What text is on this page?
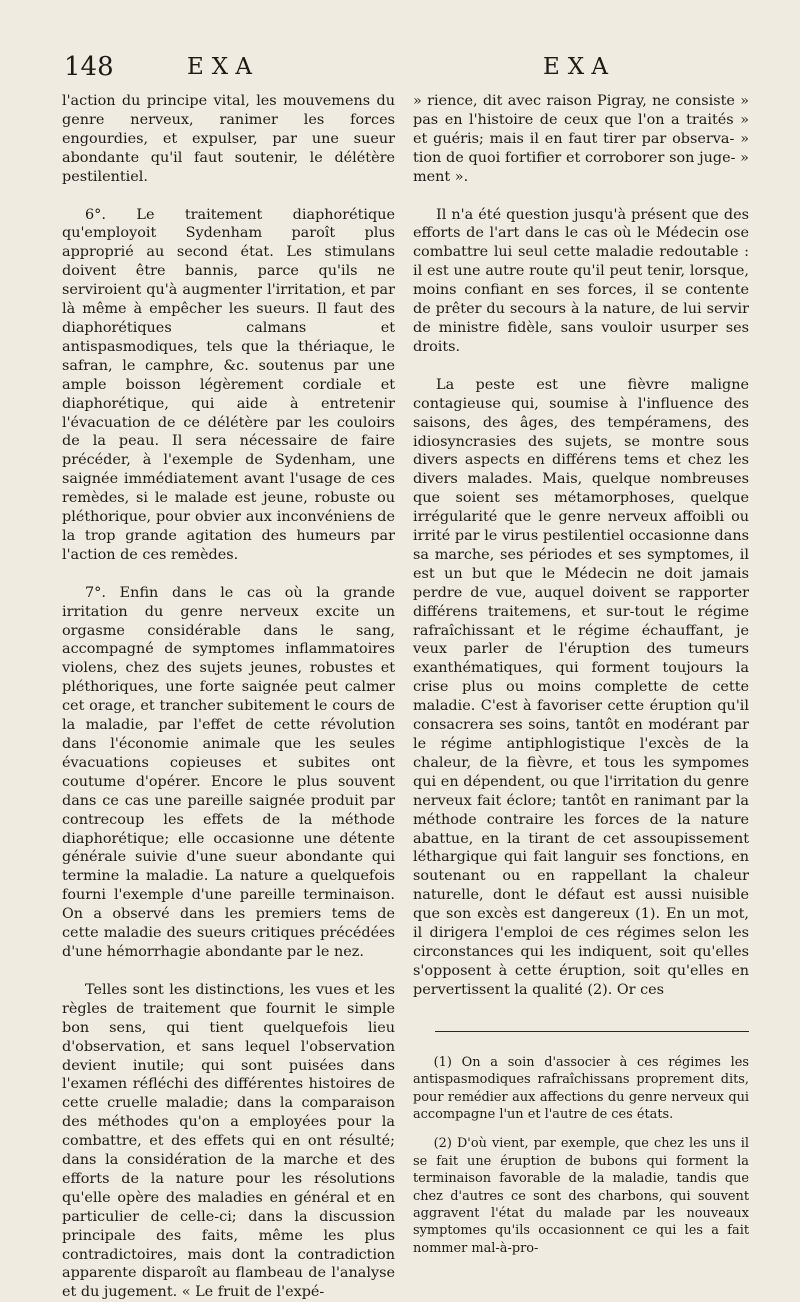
148	EXA	EXA

l'action du principe vital, les mouvemens du genre nerveux, ranimer les forces engourdies, et expulser, par une sueur abondante qu'il faut soutenir, le délétère pestilentiel.

6°. Le traitement diaphorétique qu'employoit Sydenham paroît plus approprié au second état. Les stimulans doivent être bannis, parce qu'ils ne serviroient qu'à augmenter l'irritation, et par là même à empêcher les sueurs. Il faut des diaphorétiques calmans et antispasmodiques, tels que la thériaque, le safran, le camphre, &c. soutenus par une ample boisson légèrement cordiale et diaphorétique, qui aide à entretenir l'évacuation de ce délétère par les couloirs de la peau. Il sera nécessaire de faire précéder, à l'exemple de Sydenham, une saignée immédiatement avant l'usage de ces remèdes, si le malade est jeune, robuste ou pléthorique, pour obvier aux inconvéniens de la trop grande agitation des humeurs par l'action de ces remèdes.

7°. Enfin dans le cas où la grande irritation du genre nerveux excite un orgasme considérable dans le sang, accompagné de symptomes inflammatoires violens, chez des sujets jeunes, robustes et pléthoriques, une forte saignée peut calmer cet orage, et trancher subitement le cours de la maladie, par l'effet de cette révolution dans l'économie animale que les seules évacuations copieuses et subites ont coutume d'opérer. Encore le plus souvent dans ce cas une pareille saignée produit par contrecoup les effets de la méthode diaphorétique; elle occasionne une détente générale suivie d'une sueur abondante qui termine la maladie. La nature a quelquefois fourni l'exemple d'une pareille terminaison. On a observé dans les premiers tems de cette maladie des sueurs critiques précédées d'une hémorrhagie abondante par le nez.

Telles sont les distinctions, les vues et les règles de traitement que fournit le simple bon sens, qui tient quelquefois lieu d'observation, et sans lequel l'observation devient inutile; qui sont puisées dans l'examen réfléchi des différentes histoires de cette cruelle maladie; dans la comparaison des méthodes qu'on a employées pour la combattre, et des effets qui en ont résulté; dans la considération de la marche et des efforts de la nature pour les résolutions qu'elle opère des maladies en général et en particulier de celle-ci; dans la discussion principale des faits, même les plus contradictoires, mais dont la contradiction apparente disparoît au flambeau de l'analyse et du jugement. « Le fruit de l'expé-

» rience, dit avec raison Pigray, ne consiste » pas en l'histoire de ceux que l'on a traités » et guéris; mais il en faut tirer par observa- » tion de quoi fortifier et corroborer son juge- » ment ».

Il n'a été question jusqu'à présent que des efforts de l'art dans le cas où le Médecin ose combattre lui seul cette maladie redoutable : il est une autre route qu'il peut tenir, lorsque, moins confiant en ses forces, il se contente de prêter du secours à la nature, de lui servir de ministre fidèle, sans vouloir usurper ses droits.

La peste est une fièvre maligne contagieuse qui, soumise à l'influence des saisons, des âges, des tempéramens, des idiosyncrasies des sujets, se montre sous divers aspects en différens tems et chez les divers malades. Mais, quelque nombreuses que soient ses métamorphoses, quelque irrégularité que le genre nerveux affoibli ou irrité par le virus pestilentiel occasionne dans sa marche, ses périodes et ses symptomes, il est un but que le Médecin ne doit jamais perdre de vue, auquel doivent se rapporter différens traitemens, et sur-tout le régime rafraîchissant et le régime échauffant, je veux parler de l'éruption des tumeurs exanthématiques, qui forment toujours la crise plus ou moins complette de cette maladie. C'est à favoriser cette éruption qu'il consacrera ses soins, tantôt en modérant par le régime antiphlogistique l'excès de la chaleur, de la fièvre, et tous les sympomes qui en dépendent, ou que l'irritation du genre nerveux fait éclore; tantôt en ranimant par la méthode contraire les forces de la nature abattue, en la tirant de cet assoupissement léthargique qui fait languir ses fonctions, en soutenant ou en rappellant la chaleur naturelle, dont le défaut est aussi nuisible que son excès est dangereux (1). En un mot, il dirigera l'emploi de ces régimes selon les circonstances qui les indiquent, soit qu'elles s'opposent à cette éruption, soit qu'elles en pervertissent la qualité (2). Or ces

(1) On a soin d'associer à ces régimes les antispasmodiques rafraîchissans proprement dits, pour remédier aux affections du genre nerveux qui accompagne l'un et l'autre de ces états.

(2) D'où vient, par exemple, que chez les uns il se fait une éruption de bubons qui forment la terminaison favorable de la maladie, tandis que chez d'autres ce sont des charbons, qui souvent aggravent l'état du malade par les nouveaux symptomes qu'ils occasionnent ce qui les a fait nommer mal-à-pro-
